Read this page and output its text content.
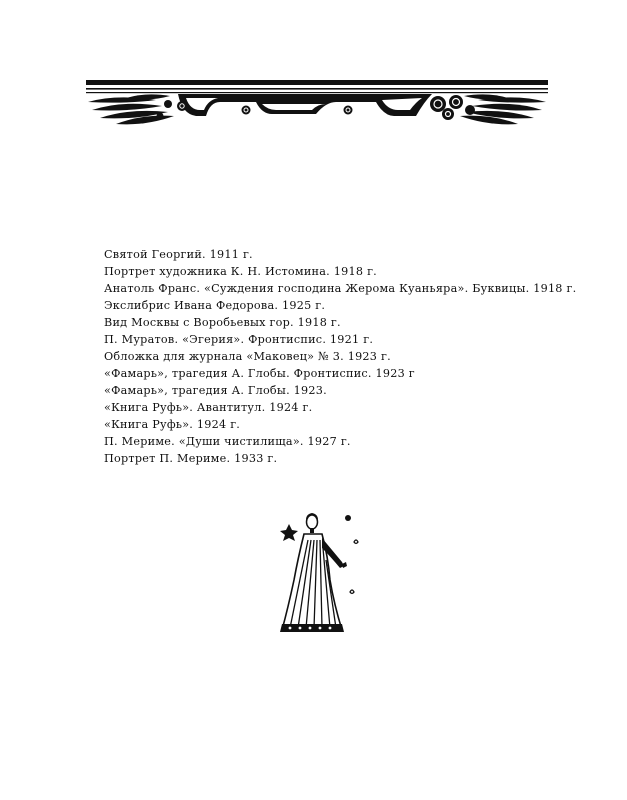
Святой Георгий. 1911 г.
Портрет художника К. Н. Истомина. 1918 г.
Анатоль Франс. «Суждения господина Жерома Куаньяра». Буквицы. 1918 г.
Экслибрис Ивана Федорова. 1925 г.
Вид Москвы с Воробьевых гор. 1918 г.
П. Муратов. «Эгерия». Фронтиспис. 1921 г.
Обложка для журнала «Маковец» № 3. 1923 г.
«Фамарь», трагедия А. Глобы. Фронтиспис. 1923 г
«Фамарь», трагедия А. Глобы. 1923.
«Книга Руфь». Авантитул. 1924 г.
«Книга Руфь». 1924 г.
П. Мериме. «Души чистилища». 1927 г.
Портрет П. Мериме. 1933 г.
